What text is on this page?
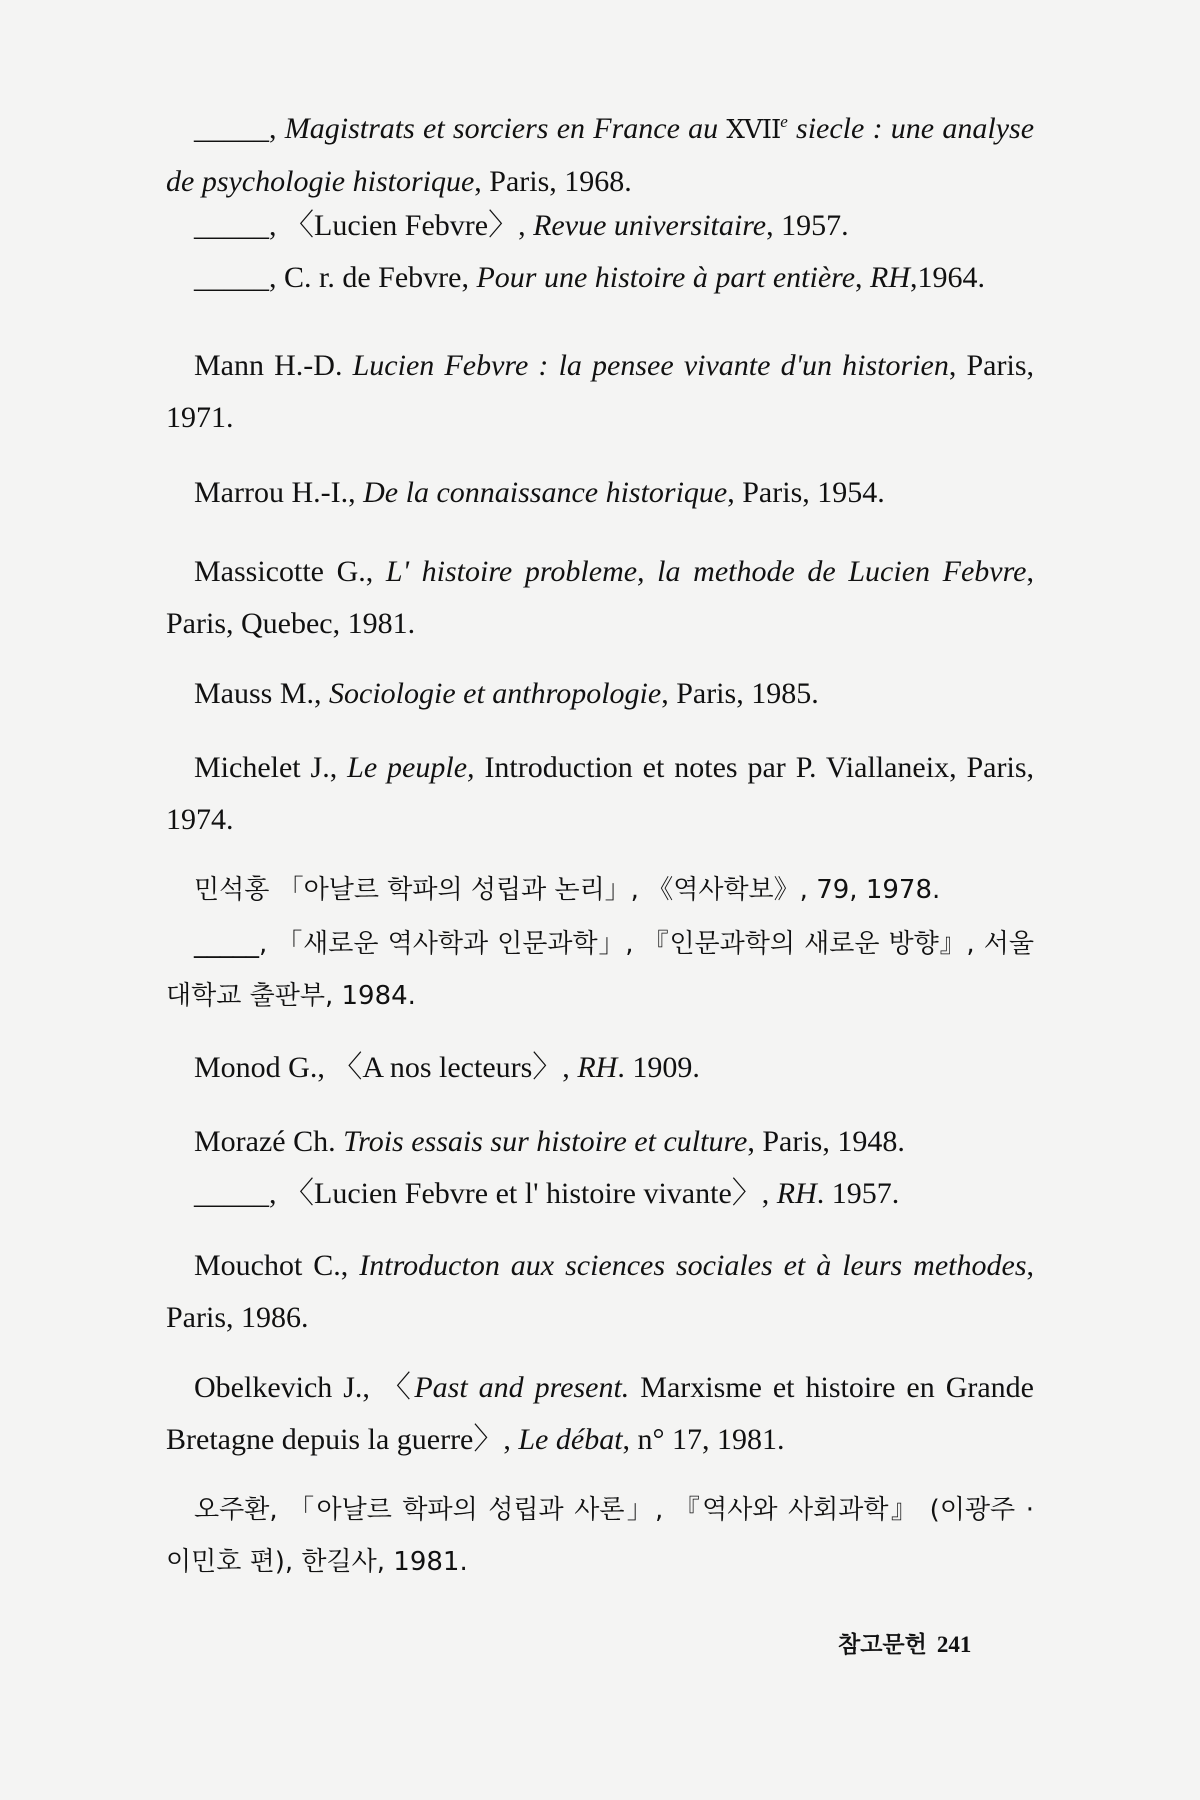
_____, Magistrats et sorciers en France au XVIIe siecle : une analyse de psychologie historique, Paris, 1968.

_____, 〈Lucien Febvre〉, Revue universitaire, 1957.

_____, C. r. de Febvre, Pour une histoire à part entière, RH,1964.

Mann H.-D. Lucien Febvre : la pensee vivante d'un historien, Paris, 1971.

Marrou H.-I., De la connaissance historique, Paris, 1954.

Massicotte G., L' histoire probleme, la methode de Lucien Febvre, Paris, Quebec, 1981.

Mauss M., Sociologie et anthropologie, Paris, 1985.

Michelet J., Le peuple, Introduction et notes par P. Viallaneix, Paris, 1974.

민석홍 「아날르 학파의 성립과 논리」, 《역사학보》, 79, 1978.

_____, 「새로운 역사학과 인문과학」, 『인문과학의 새로운 방향』, 서울대학교 출판부, 1984.

Monod G., 〈A nos lecteurs〉, RH. 1909.

Morazé Ch. Trois essais sur histoire et culture, Paris, 1948.

_____, 〈Lucien Febvre et l' histoire vivante〉, RH. 1957.

Mouchot C., Introducton aux sciences sociales et à leurs methodes, Paris, 1986.

Obelkevich J., 〈Past and present. Marxisme et histoire en Grande Bretagne depuis la guerre〉, Le débat, n° 17, 1981.

오주환, 「아날르 학파의 성립과 사론」, 『역사와 사회과학』 (이광주 · 이민호 편), 한길사, 1981.

참고문헌 241
